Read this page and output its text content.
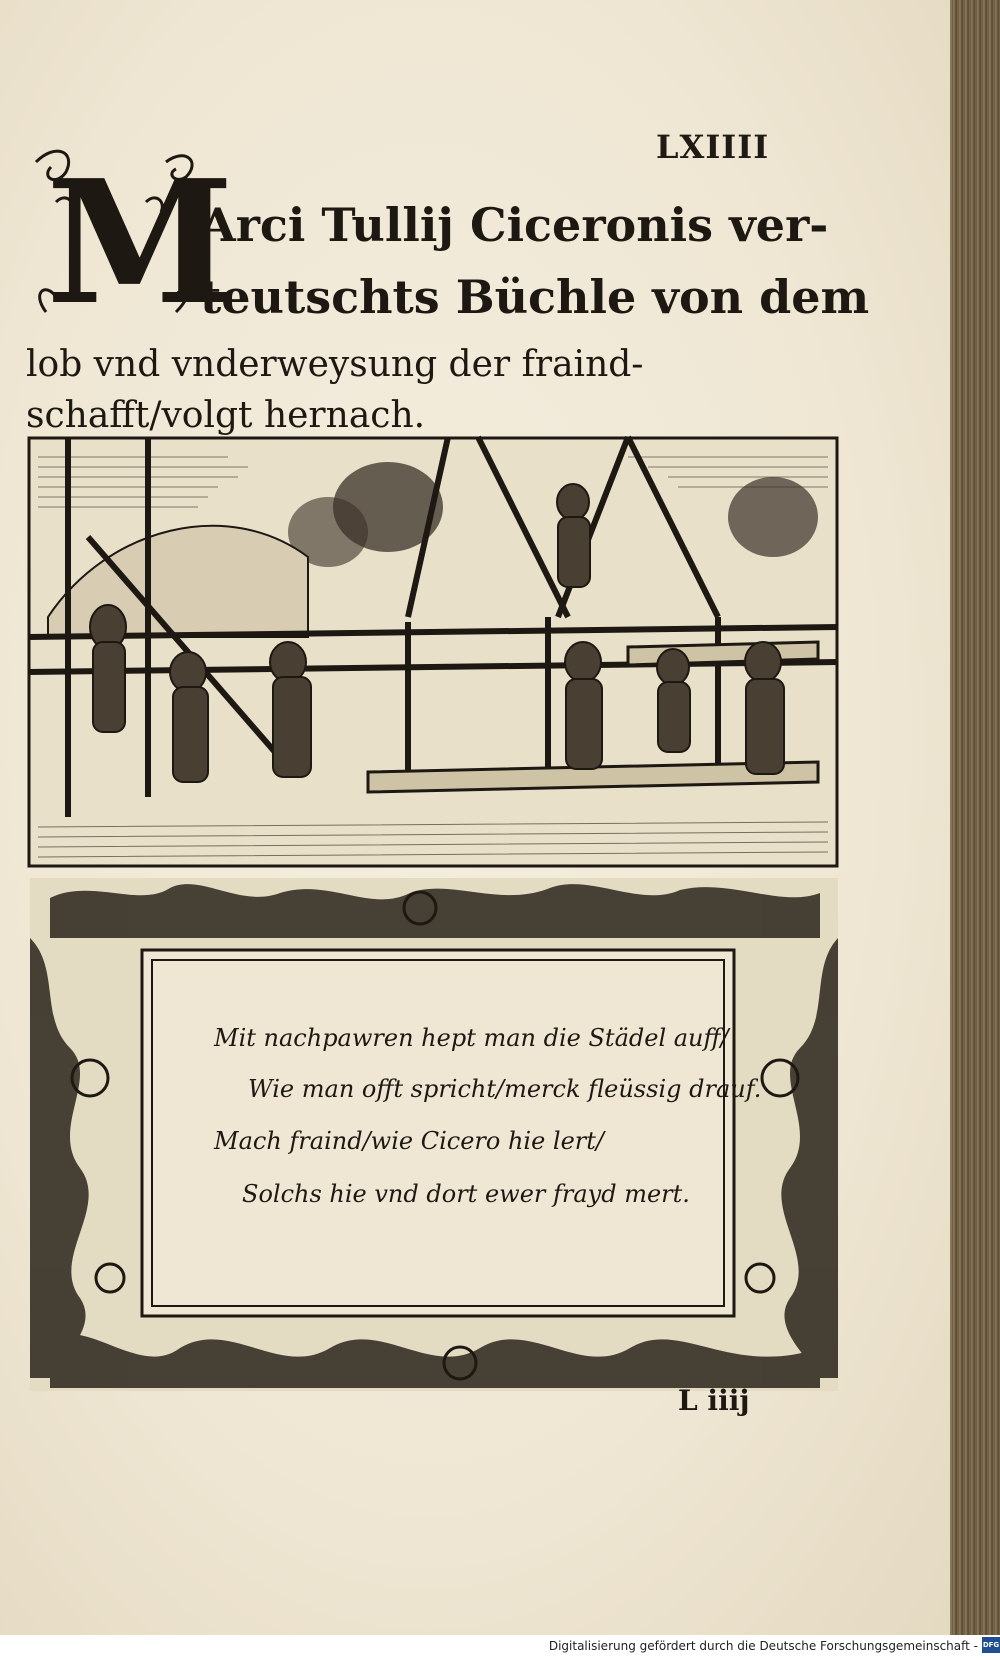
LXIIII
M
Arci Tullij Ciceronis ver-
teutschts Büchle von dem
lob vnd vnderweysung der fraind-
schafft/volgt hernach.
Mit nachpawren hept man die Städel auff/
Wie man offt spricht/merck fleüssig drauf.
Mach fraind/wie Cicero hie lert/
Solchs hie vnd dort ewer frayd mert.
L iiij
Digitalisierung gefördert durch die Deutsche Forschungsgemeinschaft - DFG
